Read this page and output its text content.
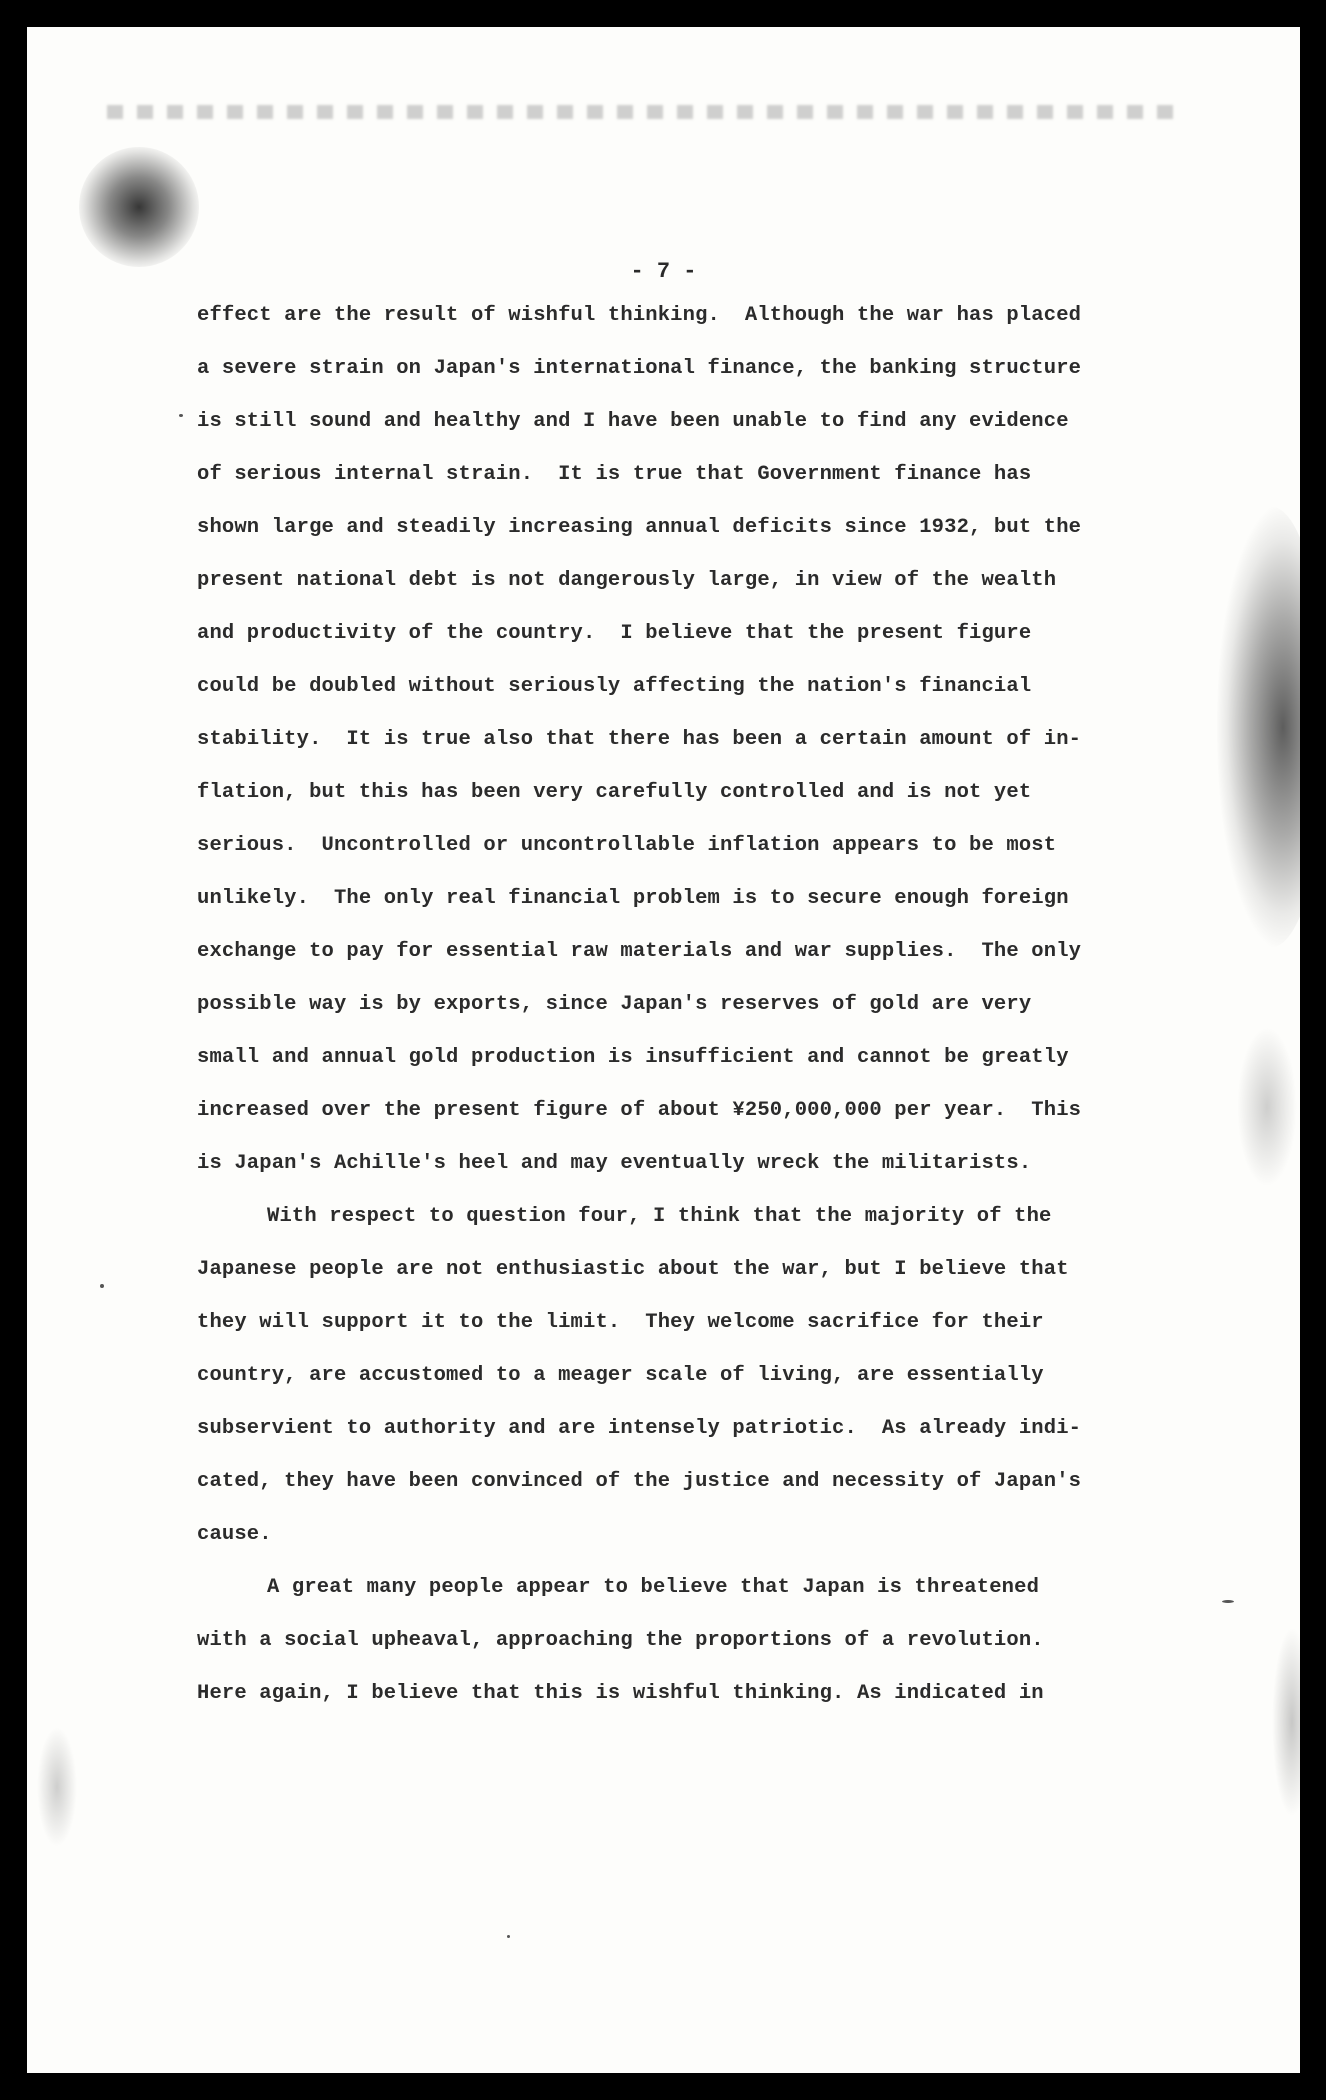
- 7 -
effect are the result of wishful thinking.  Although the war has placed
a severe strain on Japan's international finance, the banking structure
is still sound and healthy and I have been unable to find any evidence
of serious internal strain.  It is true that Government finance has
shown large and steadily increasing annual deficits since 1932, but the
present national debt is not dangerously large, in view of the wealth
and productivity of the country.  I believe that the present figure
could be doubled without seriously affecting the nation's financial
stability.  It is true also that there has been a certain amount of in-
flation, but this has been very carefully controlled and is not yet
serious.  Uncontrolled or uncontrollable inflation appears to be most
unlikely.  The only real financial problem is to secure enough foreign
exchange to pay for essential raw materials and war supplies.  The only
possible way is by exports, since Japan's reserves of gold are very
small and annual gold production is insufficient and cannot be greatly
increased over the present figure of about ¥250,000,000 per year.  This
is Japan's Achille's heel and may eventually wreck the militarists.
With respect to question four, I think that the majority of the
Japanese people are not enthusiastic about the war, but I believe that
they will support it to the limit.  They welcome sacrifice for their
country, are accustomed to a meager scale of living, are essentially
subservient to authority and are intensely patriotic.  As already indi-
cated, they have been convinced of the justice and necessity of Japan's
cause.
A great many people appear to believe that Japan is threatened
with a social upheaval, approaching the proportions of a revolution.
Here again, I believe that this is wishful thinking. As indicated in
